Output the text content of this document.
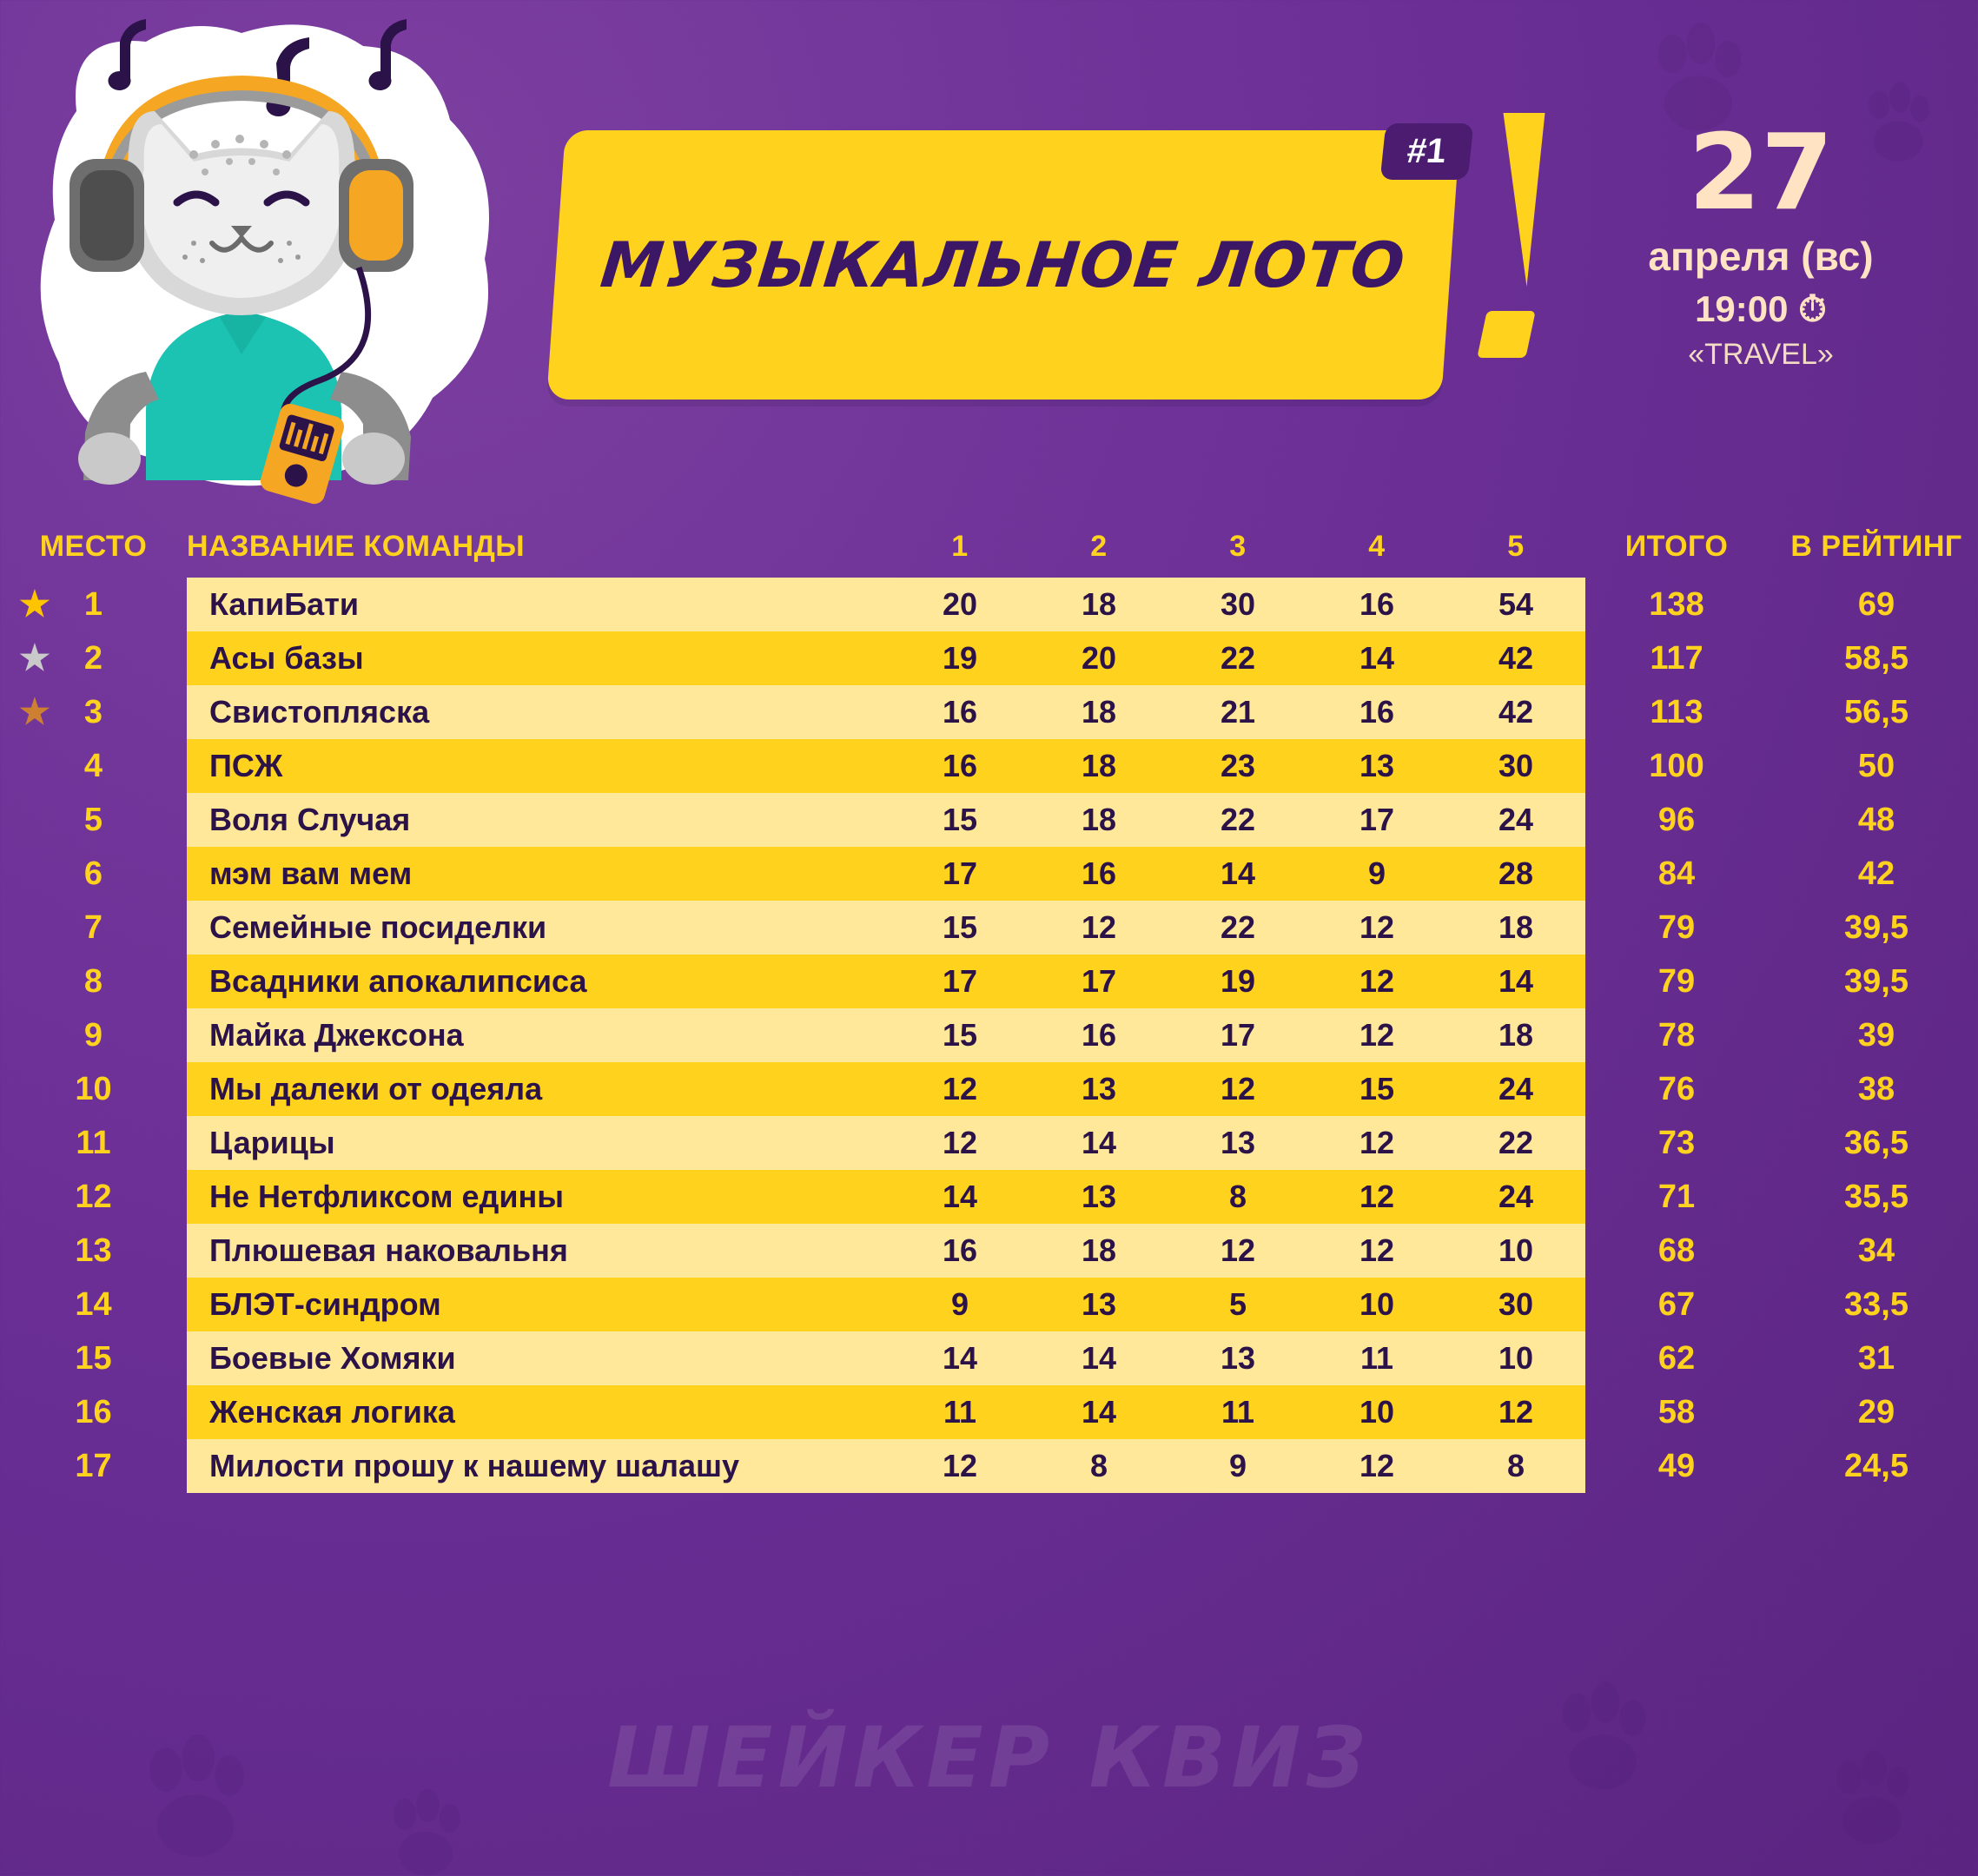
МУЗЫКАЛЬНОЕ ЛОТО
#1	27
апреля (вс)
19:00 ⏱
«TRAVEL»
МЕСТО	НАЗВАНИЕ КОМАНДЫ	1	2	3	4	5	ИТОГО	В РЕЙТИНГ

★ 1	КапиБати	20	18	30	16	54	138	69

★ 2	Асы базы	19	20	22	14	42	117	58,5

★ 3	Свистопляска	16	18	21	16	42	113	56,5
4	ПСЖ	16	18	23	13	30	100	50
5	Воля Случая	15	18	22	17	24	96	48
6	мэм вам мем	17	16	14	9	28	84	42
7	Семейные посиделки	15	12	22	12	18	79	39,5
8	Всадники апокалипсиса	17	17	19	12	14	79	39,5
9	Майка Джексона	15	16	17	12	18	78	39
10	Мы далеки от одеяла	12	13	12	15	24	76	38
11	Царицы	12	14	13	12	22	73	36,5
12	Не Нетфликсом едины	14	13	8	12	24	71	35,5
13	Плюшевая наковальня	16	18	12	12	10	68	34
14	БЛЭТ-синдром	9	13	5	10	30	67	33,5
15	Боевые Хомяки	14	14	13	11	10	62	31
16	Женская логика	11	14	11	10	12	58	29
17	Милости прошу к нашему шалашу	12	8	9	12	8	49	24,5
ШЕЙКЕР КВИЗ
